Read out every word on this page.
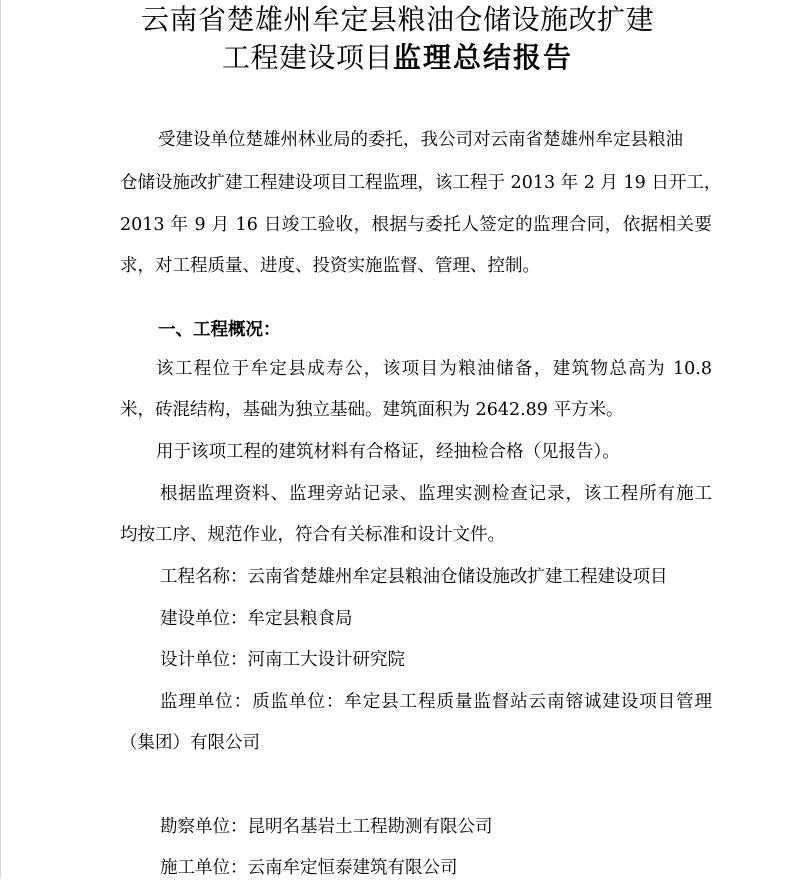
云南省楚雄州牟定县粮油仓储设施改扩建
工程建设项目监理总结报告
受建设单位楚雄州林业局的委托，我公司对云南省楚雄州牟定县粮油
仓储设施改扩建工程建设项目工程监理，该工程于 2013 年 2 月 19 日开工，
2013 年 9 月 16 日竣工验收，根据与委托人签定的监理合同，依据相关要
求，对工程质量、进度、投资实施监督、管理、控制。
一、工程概况：
该工程位于牟定县成寿公，该项目为粮油储备，建筑物总高为 10.8
米，砖混结构，基础为独立基础。建筑面积为 2642.89 平方米。
用于该项工程的建筑材料有合格证，经抽检合格（见报告）。
根据监理资料、监理旁站记录、监理实测检查记录，该工程所有施工
均按工序、规范作业，符合有关标准和设计文件。
工程名称：云南省楚雄州牟定县粮油仓储设施改扩建工程建设项目
建设单位：牟定县粮食局
设计单位：河南工大设计研究院
监理单位：质监单位：牟定县工程质量监督站云南镕诚建设项目管理
（集团）有限公司
勘察单位：昆明名基岩土工程勘测有限公司
施工单位：云南牟定恒泰建筑有限公司
